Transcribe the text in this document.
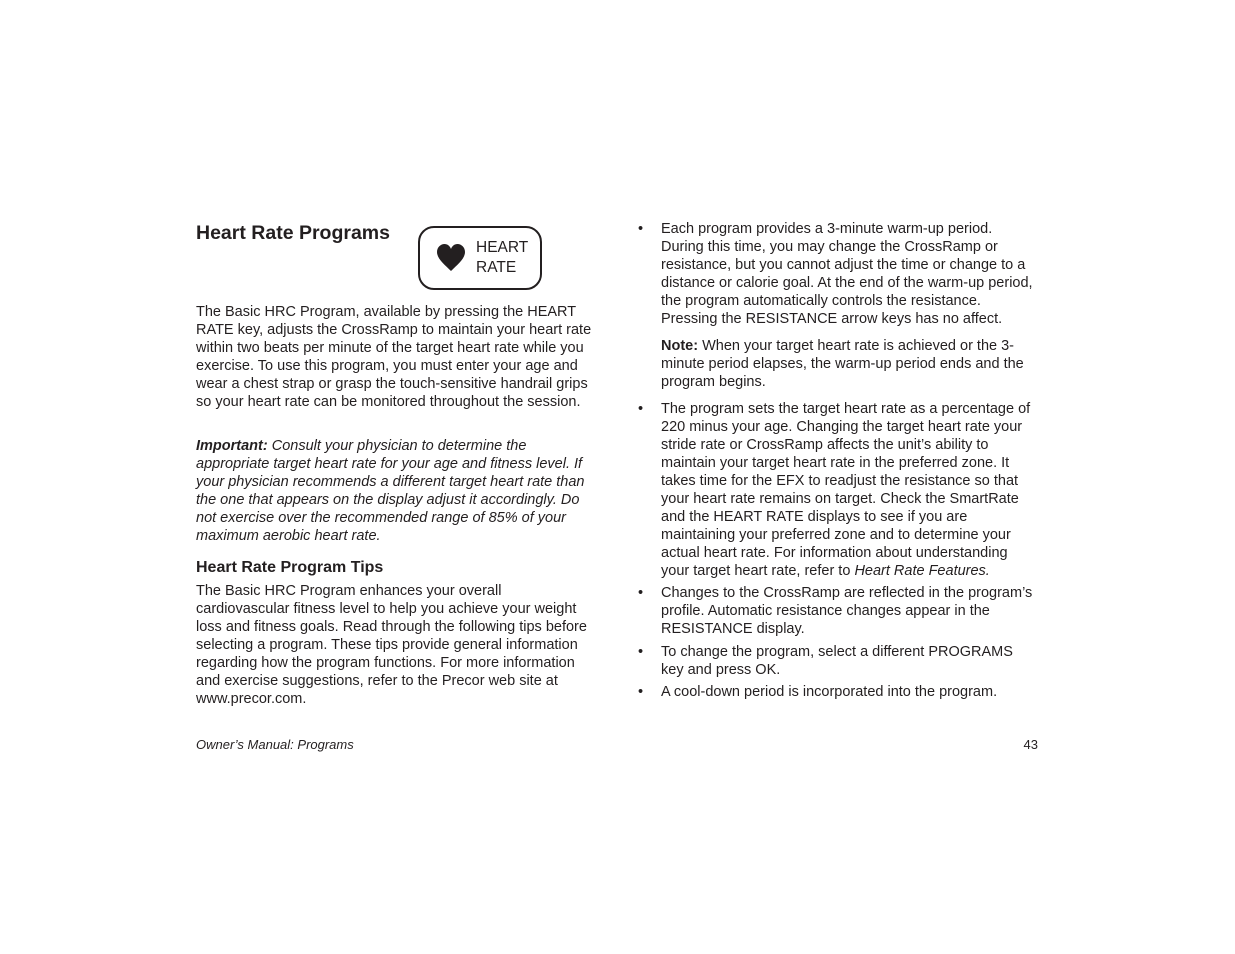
Heart Rate Programs
HEART RATE

The Basic HRC Program, available by pressing the HEART RATE key, adjusts the CrossRamp to maintain your heart rate within two beats per minute of the target heart rate while you exercise. To use this program, you must enter your age and wear a chest strap or grasp the touch-sensitive handrail grips so your heart rate can be monitored throughout the session.

Important: Consult your physician to determine the appropriate target heart rate for your age and fitness level. If your physician recommends a different target heart rate than the one that appears on the display adjust it accordingly. Do not exercise over the recommended range of 85% of your maximum aerobic heart rate.

Heart Rate Program Tips

The Basic HRC Program enhances your overall cardiovascular fitness level to help you achieve your weight loss and fitness goals. Read through the following tips before selecting a program. These tips provide general information regarding how the program functions. For more information and exercise suggestions, refer to the Precor web site at www.precor.com.

•	Each program provides a 3-minute warm-up period. During this time, you may change the CrossRamp or resistance, but you cannot adjust the time or change to a distance or calorie goal. At the end of the warm-up period, the program automatically controls the resistance. Pressing the RESISTANCE arrow keys has no affect.

Note: When your target heart rate is achieved or the 3-minute period elapses, the warm-up period ends and the program begins.

•	The program sets the target heart rate as a percentage of 220 minus your age. Changing the target heart rate your stride rate or CrossRamp affects the unit’s ability to maintain your target heart rate in the preferred zone. It takes time for the EFX to readjust the resistance so that your heart rate remains on target. Check the SmartRate and the HEART RATE displays to see if you are maintaining your preferred zone and to determine your actual heart rate. For information about understanding your target heart rate, refer to Heart Rate Features.
•	Changes to the CrossRamp are reflected in the program’s profile. Automatic resistance changes appear in the RESISTANCE display.
•	To change the program, select a different PROGRAMS key and press OK.
•	A cool-down period is incorporated into the program.
Owner’s Manual: Programs	43
